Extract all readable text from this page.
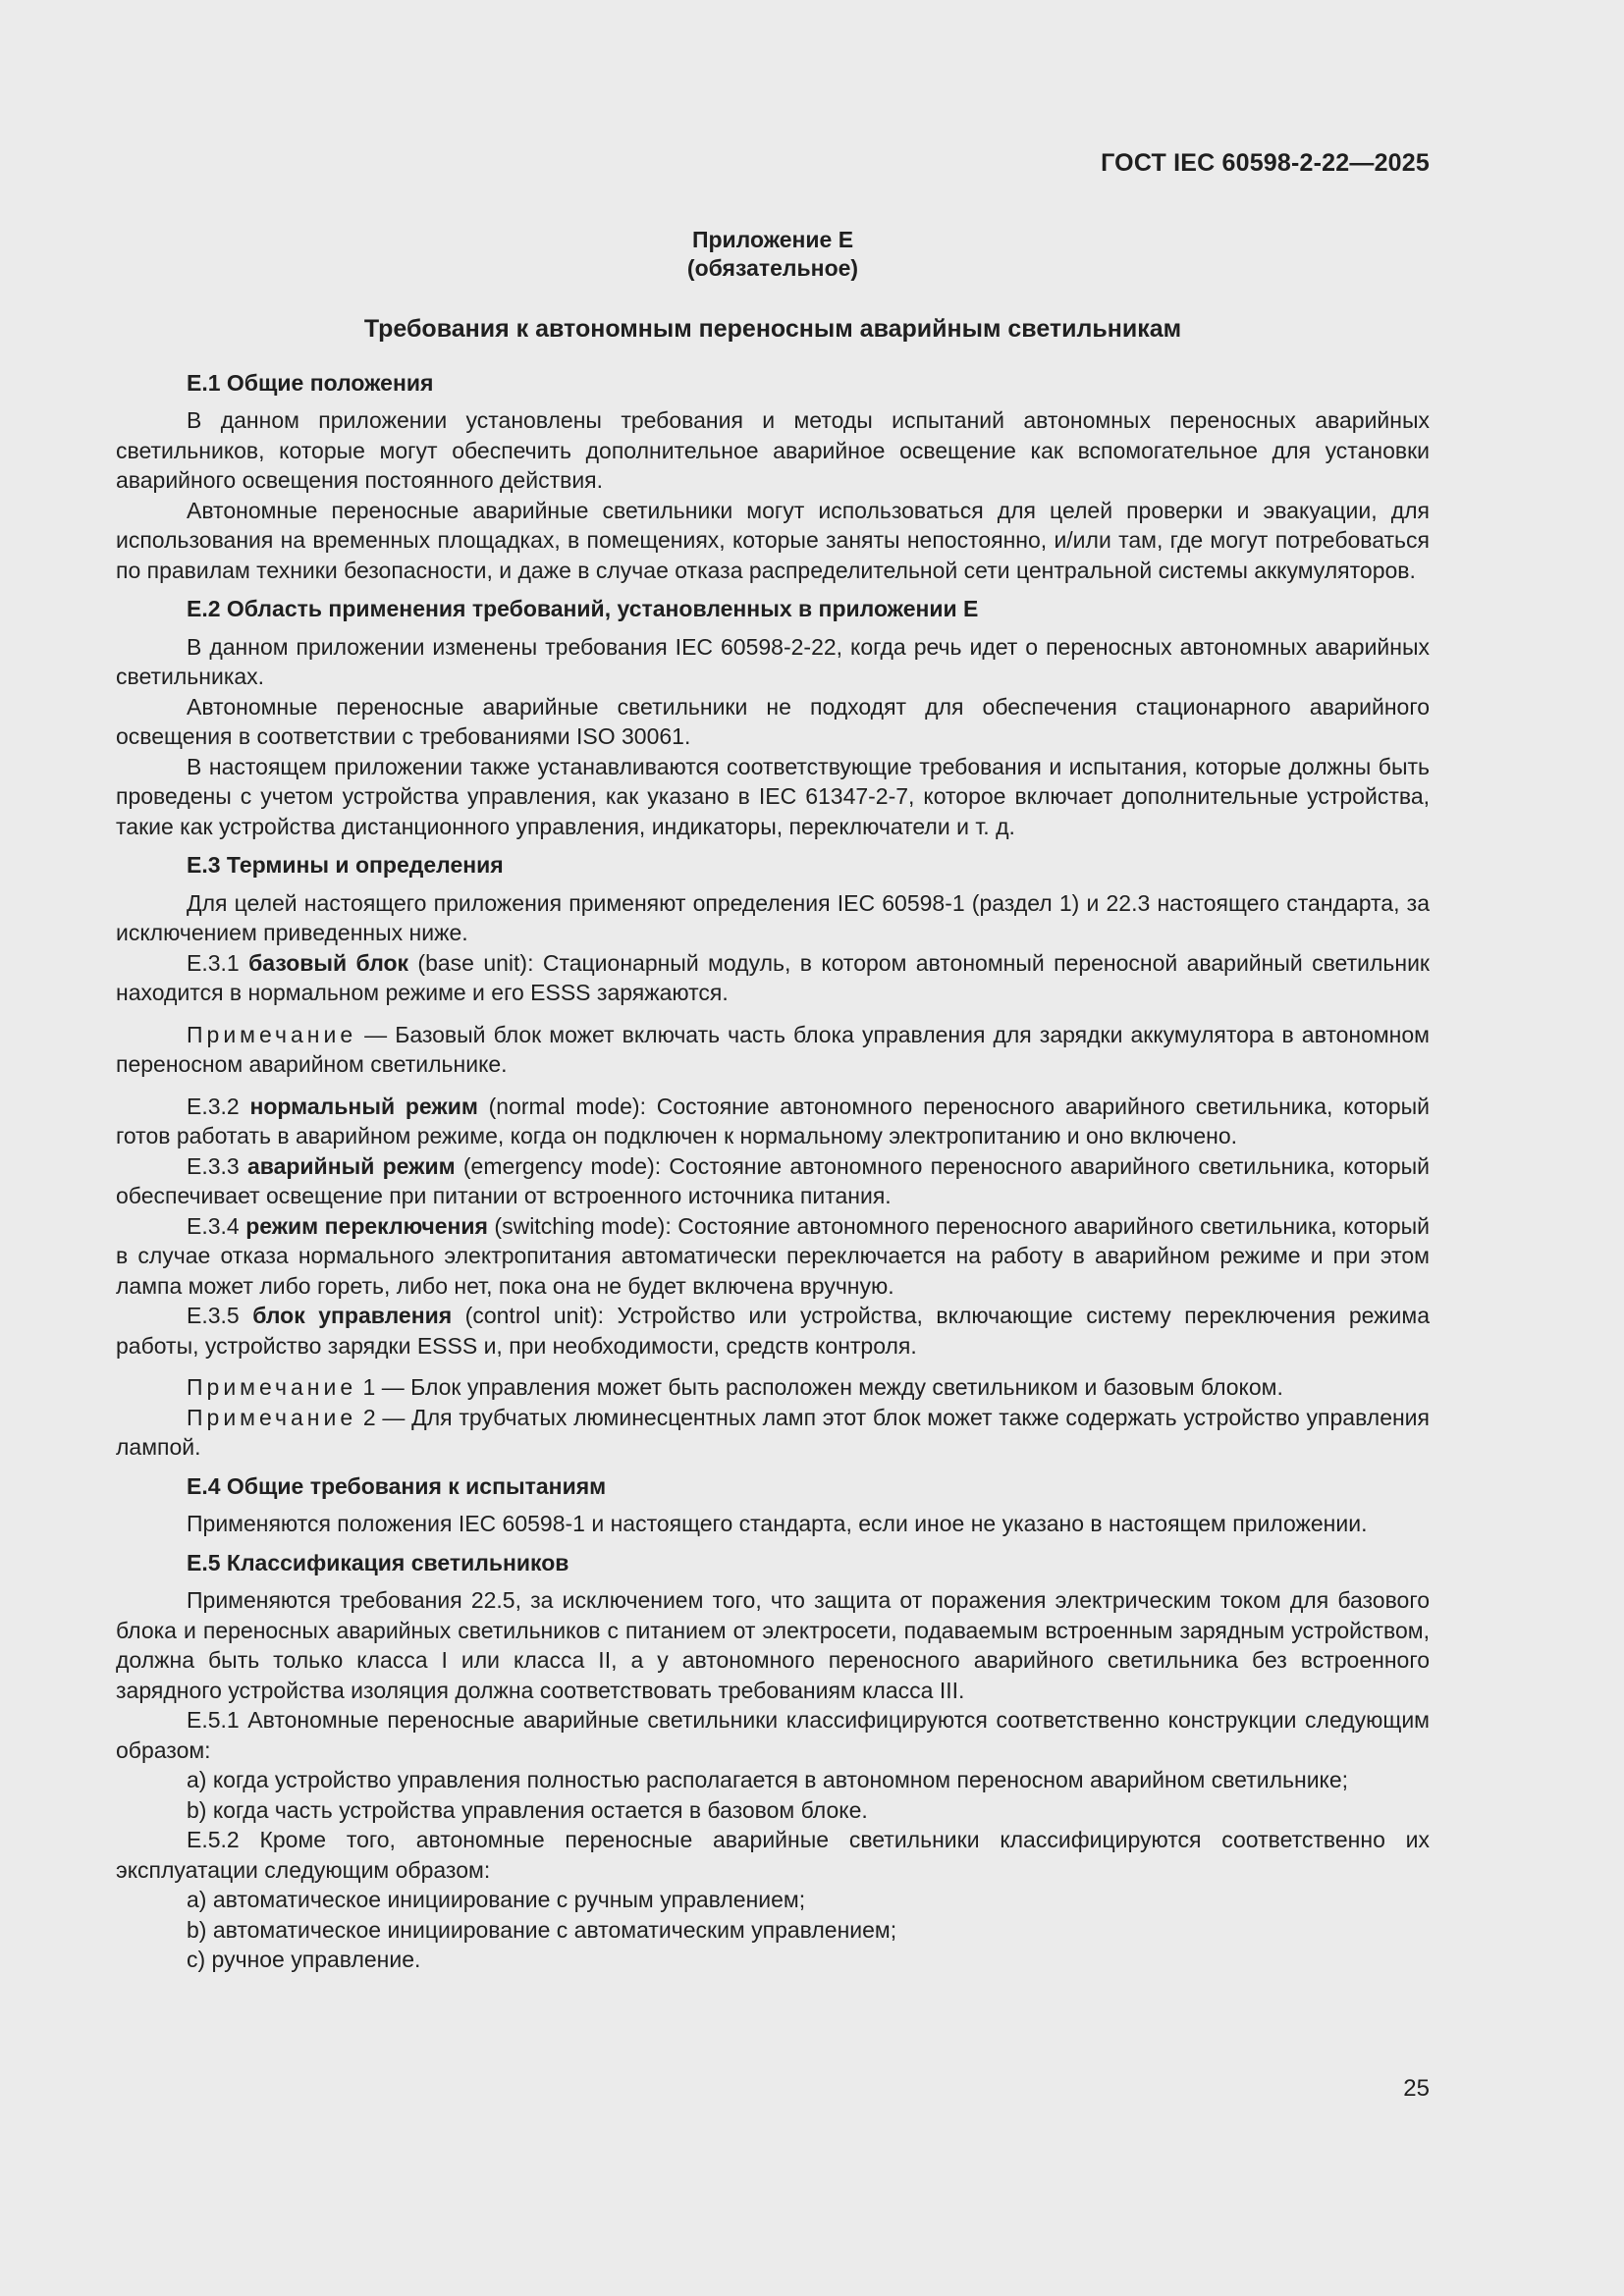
ГОСТ IEC 60598-2-22—2025
Приложение E
(обязательное)
Требования к автономным переносным аварийным светильникам
E.1 Общие положения

В данном приложении установлены требования и методы испытаний автономных переносных аварийных светильников, которые могут обеспечить дополнительное аварийное освещение как вспомогательное для установки аварийного освещения постоянного действия.

Автономные переносные аварийные светильники могут использоваться для целей проверки и эвакуации, для использования на временных площадках, в помещениях, которые заняты непостоянно, и/или там, где могут потребоваться по правилам техники безопасности, и даже в случае отказа распределительной сети центральной системы аккумуляторов.

E.2 Область применения требований, установленных в приложении E

В данном приложении изменены требования IEC 60598-2-22, когда речь идет о переносных автономных аварийных светильниках.

Автономные переносные аварийные светильники не подходят для обеспечения стационарного аварийного освещения в соответствии с требованиями ISO 30061.

В настоящем приложении также устанавливаются соответствующие требования и испытания, которые должны быть проведены с учетом устройства управления, как указано в IEC 61347-2-7, которое включает дополнительные устройства, такие как устройства дистанционного управления, индикаторы, переключатели и т. д.

E.3 Термины и определения

Для целей настоящего приложения применяют определения IEC 60598-1 (раздел 1) и 22.3 настоящего стандарта, за исключением приведенных ниже.

E.3.1 базовый блок (base unit): Стационарный модуль, в котором автономный переносной аварийный светильник находится в нормальном режиме и его ESSS заряжаются.

Примечание — Базовый блок может включать часть блока управления для зарядки аккумулятора в автономном переносном аварийном светильнике.

E.3.2 нормальный режим (normal mode): Состояние автономного переносного аварийного светильника, который готов работать в аварийном режиме, когда он подключен к нормальному электропитанию и оно включено.

E.3.3 аварийный режим (emergency mode): Состояние автономного переносного аварийного светильника, который обеспечивает освещение при питании от встроенного источника питания.

E.3.4 режим переключения (switching mode): Состояние автономного переносного аварийного светильника, который в случае отказа нормального электропитания автоматически переключается на работу в аварийном режиме и при этом лампа может либо гореть, либо нет, пока она не будет включена вручную.

E.3.5 блок управления (control unit): Устройство или устройства, включающие систему переключения режима работы, устройство зарядки ESSS и, при необходимости, средств контроля.

Примечание 1 — Блок управления может быть расположен между светильником и базовым блоком.

Примечание 2 — Для трубчатых люминесцентных ламп этот блок может также содержать устройство управления лампой.

E.4 Общие требования к испытаниям

Применяются положения IEC 60598-1 и настоящего стандарта, если иное не указано в настоящем приложении.

E.5 Классификация светильников

Применяются требования 22.5, за исключением того, что защита от поражения электрическим током для базового блока и переносных аварийных светильников с питанием от электросети, подаваемым встроенным зарядным устройством, должна быть только класса I или класса II, а у автономного переносного аварийного светильника без встроенного зарядного устройства изоляция должна соответствовать требованиям класса III.

E.5.1 Автономные переносные аварийные светильники классифицируются соответственно конструкции следующим образом:

a) когда устройство управления полностью располагается в автономном переносном аварийном светильнике;
b) когда часть устройства управления остается в базовом блоке.

E.5.2 Кроме того, автономные переносные аварийные светильники классифицируются соответственно их эксплуатации следующим образом:

a) автоматическое инициирование с ручным управлением;
b) автоматическое инициирование с автоматическим управлением;
c) ручное управление.
25
